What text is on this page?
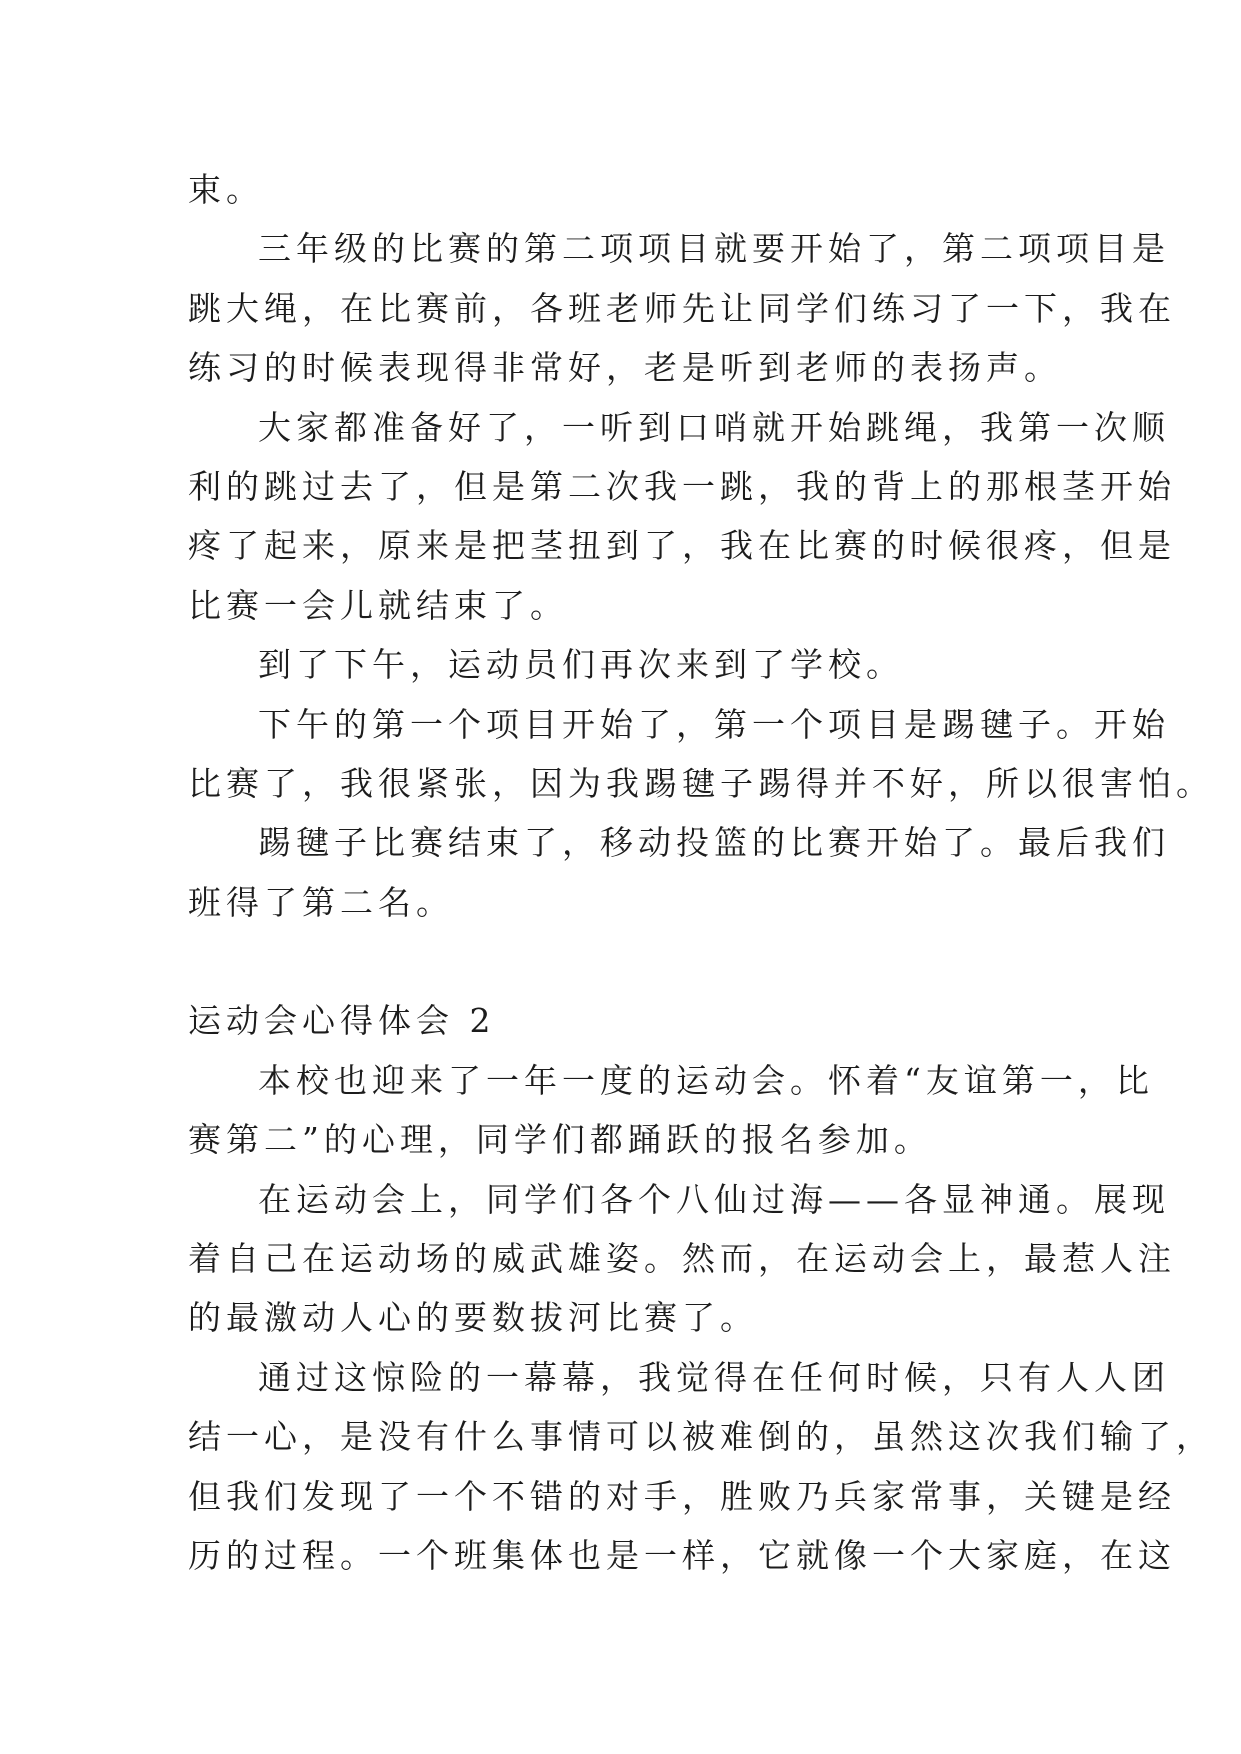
束。

三年级的比赛的第二项项目就要开始了，第二项项目是
跳大绳，在比赛前，各班老师先让同学们练习了一下，我在
练习的时候表现得非常好，老是听到老师的表扬声。

大家都准备好了，一听到口哨就开始跳绳，我第一次顺
利的跳过去了，但是第二次我一跳，我的背上的那根茎开始
疼了起来，原来是把茎扭到了，我在比赛的时候很疼，但是
比赛一会儿就结束了。

到了下午，运动员们再次来到了学校。

下午的第一个项目开始了，第一个项目是踢毽子。开始
比赛了，我很紧张，因为我踢毽子踢得并不好，所以很害怕。

踢毽子比赛结束了，移动投篮的比赛开始了。最后我们
班得了第二名。

运动会心得体会 2

本校也迎来了一年一度的运动会。怀着“友谊第一，比
赛第二”的心理，同学们都踊跃的报名参加。

在运动会上，同学们各个八仙过海——各显神通。展现
着自己在运动场的威武雄姿。然而，在运动会上，最惹人注
的最激动人心的要数拔河比赛了。

通过这惊险的一幕幕，我觉得在任何时候，只有人人团
结一心，是没有什么事情可以被难倒的，虽然这次我们输了，
但我们发现了一个不错的对手，胜败乃兵家常事，关键是经
历的过程。一个班集体也是一样，它就像一个大家庭，在这
